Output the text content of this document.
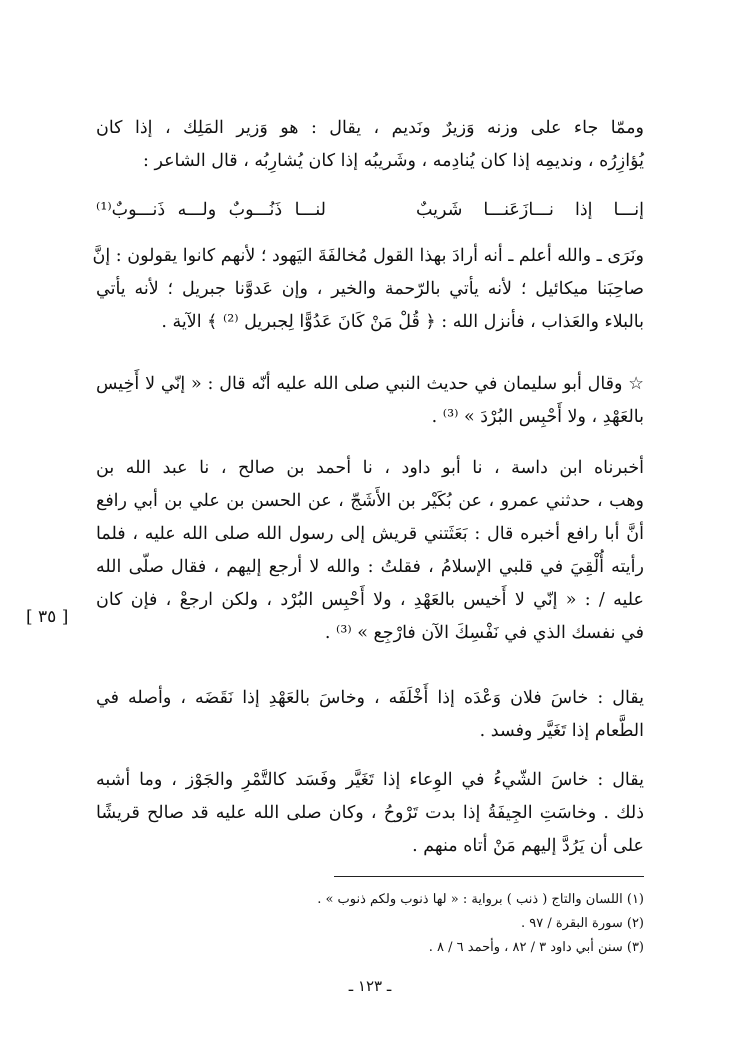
وممّا جاء على وزنه وَزيرٌ ونَديم ، يقال : هو وَزير المَلِك ، إذا كان
يُؤازِرُه ، ونديمِه إذا كان يُنادِمه ، وشَريبُه إذا كان يُشارِبُه ، قال الشاعر :
إنـــا إذا نـــازَعَنـــا شَريبٌ
لنـــا ذَنُـــوبٌ ولـــه ذَنـــوبٌ⁽¹⁾
ونَرَى ـ والله أعلم ـ أنه أرادَ بهذا القول مُخالفَةَ اليَهود ؛ لأنهم كانوا يقولون : إنَّ
صاحِبَنا ميكائيل ؛ لأنه يأتي بالرّحمة والخير ، وإن عَدوَّنا جبريل ؛ لأنه يأتي
بالبلاء والعَذاب ، فأنزل الله : ﴿ قُلْ مَنْ كَانَ عَدُوًّا لِجبريل ⁽²⁾ ﴾ الآية .
☆ وقال أبو سليمان في حديث النبي صلى الله عليه أنّه قال : « إنّي لا أَخِيس
بالعَهْدِ ، ولا أَحْبِس البُرْدَ » ⁽³⁾ .
أخبرناه ابن داسة ، نا أبو داود ، نا أحمد بن صالح ، نا عبد الله بن
وهب ، حدثني عمرو ، عن بُكَيْر بن الأَشَجّ ، عن الحسن بن علي بن أبي رافع
أنَّ أبا رافع أخبره قال : بَعَثَتني قريش إلى رسول الله صلى الله عليه ، فلما
رأيته أُلْقِيَ في قلبي الإسلامُ ، فقلتُ : والله لا أرجع إليهم ، فقال صلّى الله
عليه / : « إنّي لا أَخيس بالعَهْدِ ، ولا أَحْبِس البُرْد ، ولكن ارجعْ ، فإن كان
في نفسك الذي في نَفْسِكَ الآن فارْجِع » ⁽³⁾ .
[ ٣٥ ]
يقال : خاسَ فلان وَعْدَه إذا أَخْلَفَه ، وخاسَ بالعَهْدِ إذا نَقَضَه ، وأصله في
الطَّعام إذا تَغَيَّر وفسد .
يقال : خاسَ الشّيءُ في الوِعاء إذا تَغَيَّر وفَسَد كالتَّمْرِ والجَوْز ، وما أشبه
ذلك . وخاسَتِ الجِيفَةُ إذا بدت تَرْوحُ ، وكان صلى الله عليه قد صالح قريشًا
على أن يَرُدَّ إليهم مَنْ أتاه منهم .
(١) اللسان والتاج ( ذنب ) برواية : « لها ذنوب ولكم ذنوب » .
(٢) سورة البقرة / ٩٧ .
(٣) سنن أبي داود ٣ / ٨٢ ، وأحمد ٦ / ٨ .
ـ ١٢٣ ـ
